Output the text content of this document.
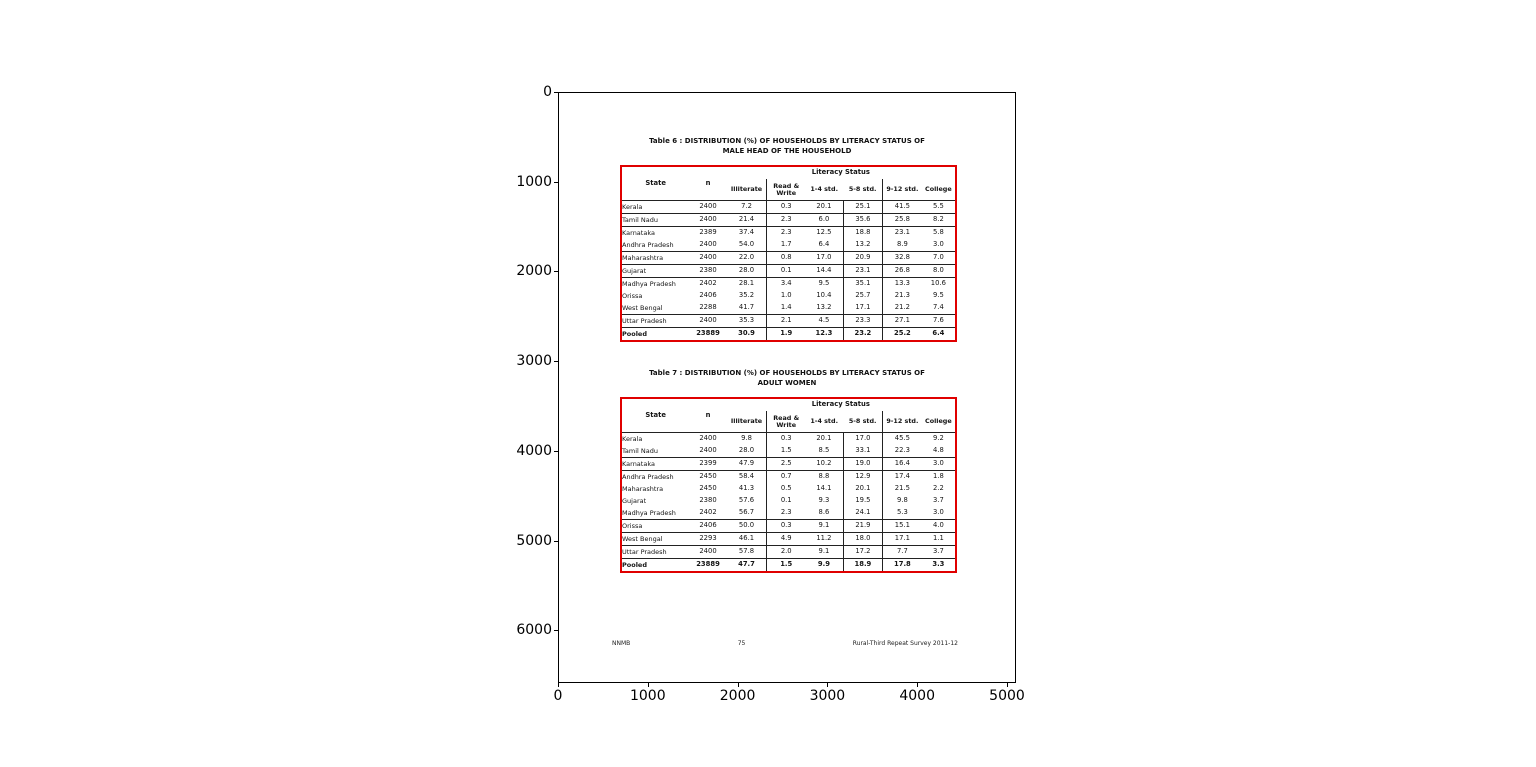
0	1000	2000	3000	4000	5000
0
1000
2000
3000
4000
5000
6000
Table 6 : DISTRIBUTION (%) OF HOUSEHOLDS BY LITERACY STATUS OF
MALE HEAD OF THE HOUSEHOLD
State	n	Literacy Status					
		Illiterate	Read & Write	1-4 std.	5-8 std.	9-12 std.	College
Kerala	2400	7.2	0.3	20.1	25.1	41.5	5.5
Tamil Nadu	2400	21.4	2.3	6.0	35.6	25.8	8.2
Karnataka	2389	37.4	2.3	12.5	18.8	23.1	5.8
Andhra Pradesh	2400	54.0	1.7	6.4	13.2	8.9	3.0
Maharashtra	2400	22.0	0.8	17.0	20.9	32.8	7.0
Gujarat	2380	28.0	0.1	14.4	23.1	26.8	8.0
Madhya Pradesh	2402	28.1	3.4	9.5	35.1	13.3	10.6
Orissa	2406	35.2	1.0	10.4	25.7	21.3	9.5
West Bengal	2288	41.7	1.4	13.2	17.1	21.2	7.4
Uttar Pradesh	2400	35.3	2.1	4.5	23.3	27.1	7.6
Pooled	23889	30.9	1.9	12.3	23.2	25.2	6.4
Table 7 : DISTRIBUTION (%) OF HOUSEHOLDS BY LITERACY STATUS OF
ADULT WOMEN
State	n	Literacy Status					
		Illiterate	Read & Write	1-4 std.	5-8 std.	9-12 std.	College
Kerala	2400	9.8	0.3	20.1	17.0	45.5	9.2
Tamil Nadu	2400	28.0	1.5	8.5	33.1	22.3	4.8
Karnataka	2399	47.9	2.5	10.2	19.0	16.4	3.0
Andhra Pradesh	2450	58.4	0.7	8.8	12.9	17.4	1.8
Maharashtra	2450	41.3	0.5	14.1	20.1	21.5	2.2
Gujarat	2380	57.6	0.1	9.3	19.5	9.8	3.7
Madhya Pradesh	2402	56.7	2.3	8.6	24.1	5.3	3.0
Orissa	2406	50.0	0.3	9.1	21.9	15.1	4.0
West Bengal	2293	46.1	4.9	11.2	18.0	17.1	1.1
Uttar Pradesh	2400	57.8	2.0	9.1	17.2	7.7	3.7
Pooled	23889	47.7	1.5	9.9	18.9	17.8	3.3
NNMB	75	Rural-Third Repeat Survey 2011-12
